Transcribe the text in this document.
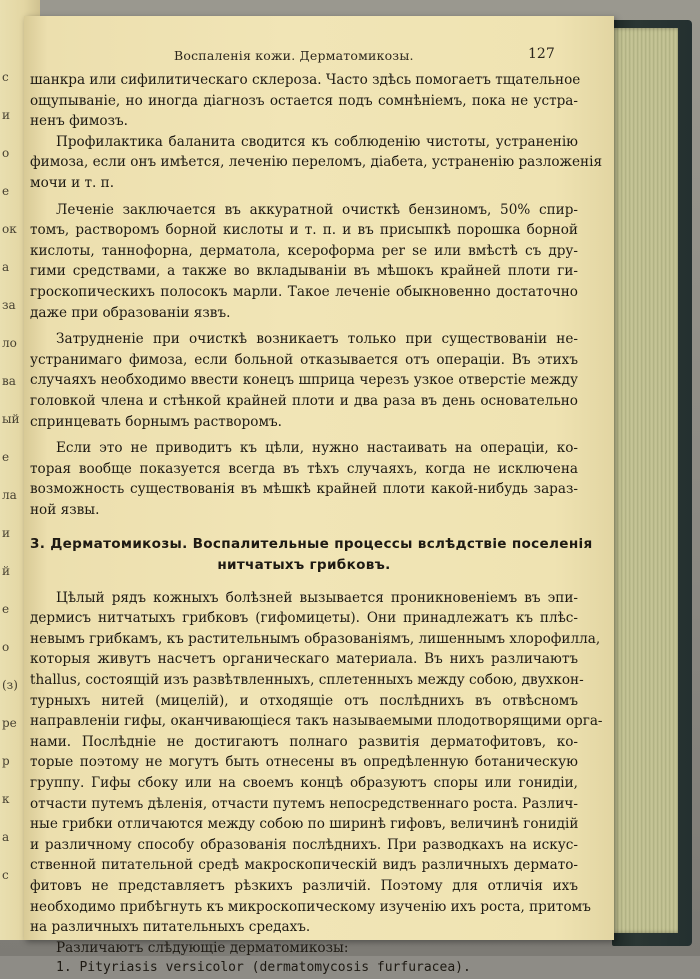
с
и
о
е
ок
а
за
ло
ва
ый
е
ла
и
й
е
о
(з)
ре
р
к
а
с
Воспаленія кожи. Дерматомикозы.	127
шанкра или сифилитическаго склероза. Часто здѣсь помогаетъ тщательное
ощупываніе, но иногда діагнозъ остается подъ сомнѣніемъ, пока не устра-
ненъ фимозъ.
Профилактика баланита сводится къ соблюденію чистоты, устраненію
фимоза, если онъ имѣется, леченію переломъ, діабета, устраненію разложенія
мочи и т. п.
Леченіе заключается въ аккуратной очисткѣ бензиномъ, 50% спир-
томъ, растворомъ борной кислоты и т. п. и въ присыпкѣ порошка борной
кислоты, таннофорна, дерматола, ксероформа per se или вмѣстѣ съ дру-
гими средствами, а также во вкладываніи въ мѣшокъ крайней плоти ги-
гроскопическихъ полосокъ марли. Такое леченіе обыкновенно достаточно
даже при образованіи язвъ.
Затрудненіе при очисткѣ возникаетъ только при существованіи не-
устранимаго фимоза, если больной отказывается отъ операціи. Въ этихъ
случаяхъ необходимо ввести конецъ шприца черезъ узкое отверстіе между
головкой члена и стѣнкой крайней плоти и два раза въ день основательно
спринцевать борнымъ растворомъ.
Если это не приводитъ къ цѣли, нужно настаивать на операціи, ко-
торая вообще показуется всегда въ тѣхъ случаяхъ, когда не исключена
возможность существованія въ мѣшкѣ крайней плоти какой-нибудь зараз-
ной язвы.
3. Дерматомикозы. Воспалительные процессы вслѣдствіе поселенія
нитчатыхъ грибковъ.
Цѣлый рядъ кожныхъ болѣзней вызывается проникновеніемъ въ эпи-
дермисъ нитчатыхъ грибковъ (гифомицеты). Они принадлежатъ къ плѣс-
невымъ грибкамъ, къ растительнымъ образованіямъ, лишеннымъ хлорофилла,
которыя живутъ насчетъ органическаго материала. Въ нихъ различаютъ
thallus, состоящій изъ развѣтвленныхъ, сплетенныхъ между собою, двухкон-
турныхъ нитей (мицелій), и отходящіе отъ послѣднихъ въ отвѣсномъ
направленіи гифы, оканчивающіеся такъ называемыми плодотворящими орга-
нами. Послѣдніе не достигаютъ полнаго развитія дерматофитовъ, ко-
торые поэтому не могутъ быть отнесены въ опредѣленную ботаническую
группу. Гифы сбоку или на своемъ концѣ образуютъ споры или гонидіи,
отчасти путемъ дѣленія, отчасти путемъ непосредственнаго роста. Различ-
ные грибки отличаются между собою по ширинѣ гифовъ, величинѣ гонидій
и различному способу образованія послѣднихъ. При разводкахъ на искус-
ственной питательной средѣ макроскопическій видъ различныхъ дермато-
фитовъ не представляетъ рѣзкихъ различій. Поэтому для отличія ихъ
необходимо прибѣгнуть къ микроскопическому изученію ихъ роста, притомъ
на различныхъ питательныхъ средахъ.
Различаютъ слѣдующіе дерматомикозы:
1. Pityriasis versicolor (dermatomycosis furfuracea).
